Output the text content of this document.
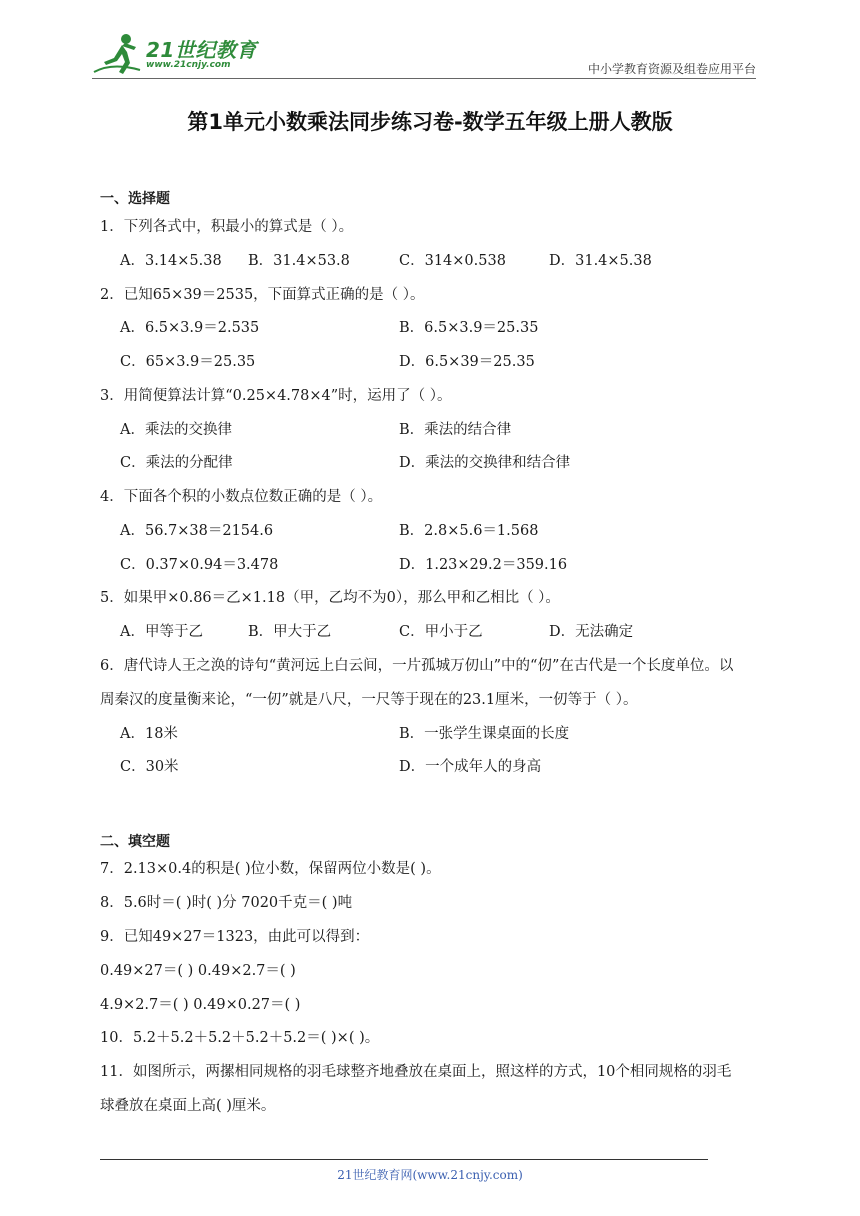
21世纪教育
www.21cnjy.com	中小学教育资源及组卷应用平台
第1单元小数乘法同步练习卷-数学五年级上册人教版
一、选择题
1．下列各式中，积最小的算式是（ ）。
A．3.14×5.38 B．31.4×53.8	C．314×0.538	D．31.4×5.38
2．已知65×39＝2535，下面算式正确的是（ ）。
A．6.5×3.9＝2.535	B．6.5×3.9＝25.35
C．65×3.9＝25.35	D．6.5×39＝25.35
3．用简便算法计算“0.25×4.78×4”时，运用了（ ）。
A．乘法的交换律	B．乘法的结合律
C．乘法的分配律	D．乘法的交换律和结合律
4．下面各个积的小数点位数正确的是（ ）。
A．56.7×38＝2154.6	B．2.8×5.6＝1.568
C．0.37×0.94＝3.478	D．1.23×29.2＝359.16
5．如果甲×0.86＝乙×1.18（甲，乙均不为0），那么甲和乙相比（ ）。
A．甲等于乙	B．甲大于乙	C．甲小于乙	D．无法确定
6．唐代诗人王之涣的诗句“黄河远上白云间，一片孤城万仞山”中的“仞”在古代是一个长度单位。以
周秦汉的度量衡来论，“一仞”就是八尺，一尺等于现在的23.1厘米，一仞等于（ ）。
A．18米	B．一张学生课桌面的长度
C．30米	D．一个成年人的身高
二、填空题
7．2.13×0.4的积是( )位小数，保留两位小数是( )。
8．5.6时＝( )时( )分 7020千克＝( )吨
9．已知49×27＝1323，由此可以得到：
0.49×27＝( ) 0.49×2.7＝( )
4.9×2.7＝( ) 0.49×0.27＝( )
10．5.2＋5.2＋5.2＋5.2＋5.2＝( )×( )。
11．如图所示，两摞相同规格的羽毛球整齐地叠放在桌面上，照这样的方式，10个相同规格的羽毛
球叠放在桌面上高( )厘米。
21世纪教育网(www.21cnjy.com)
